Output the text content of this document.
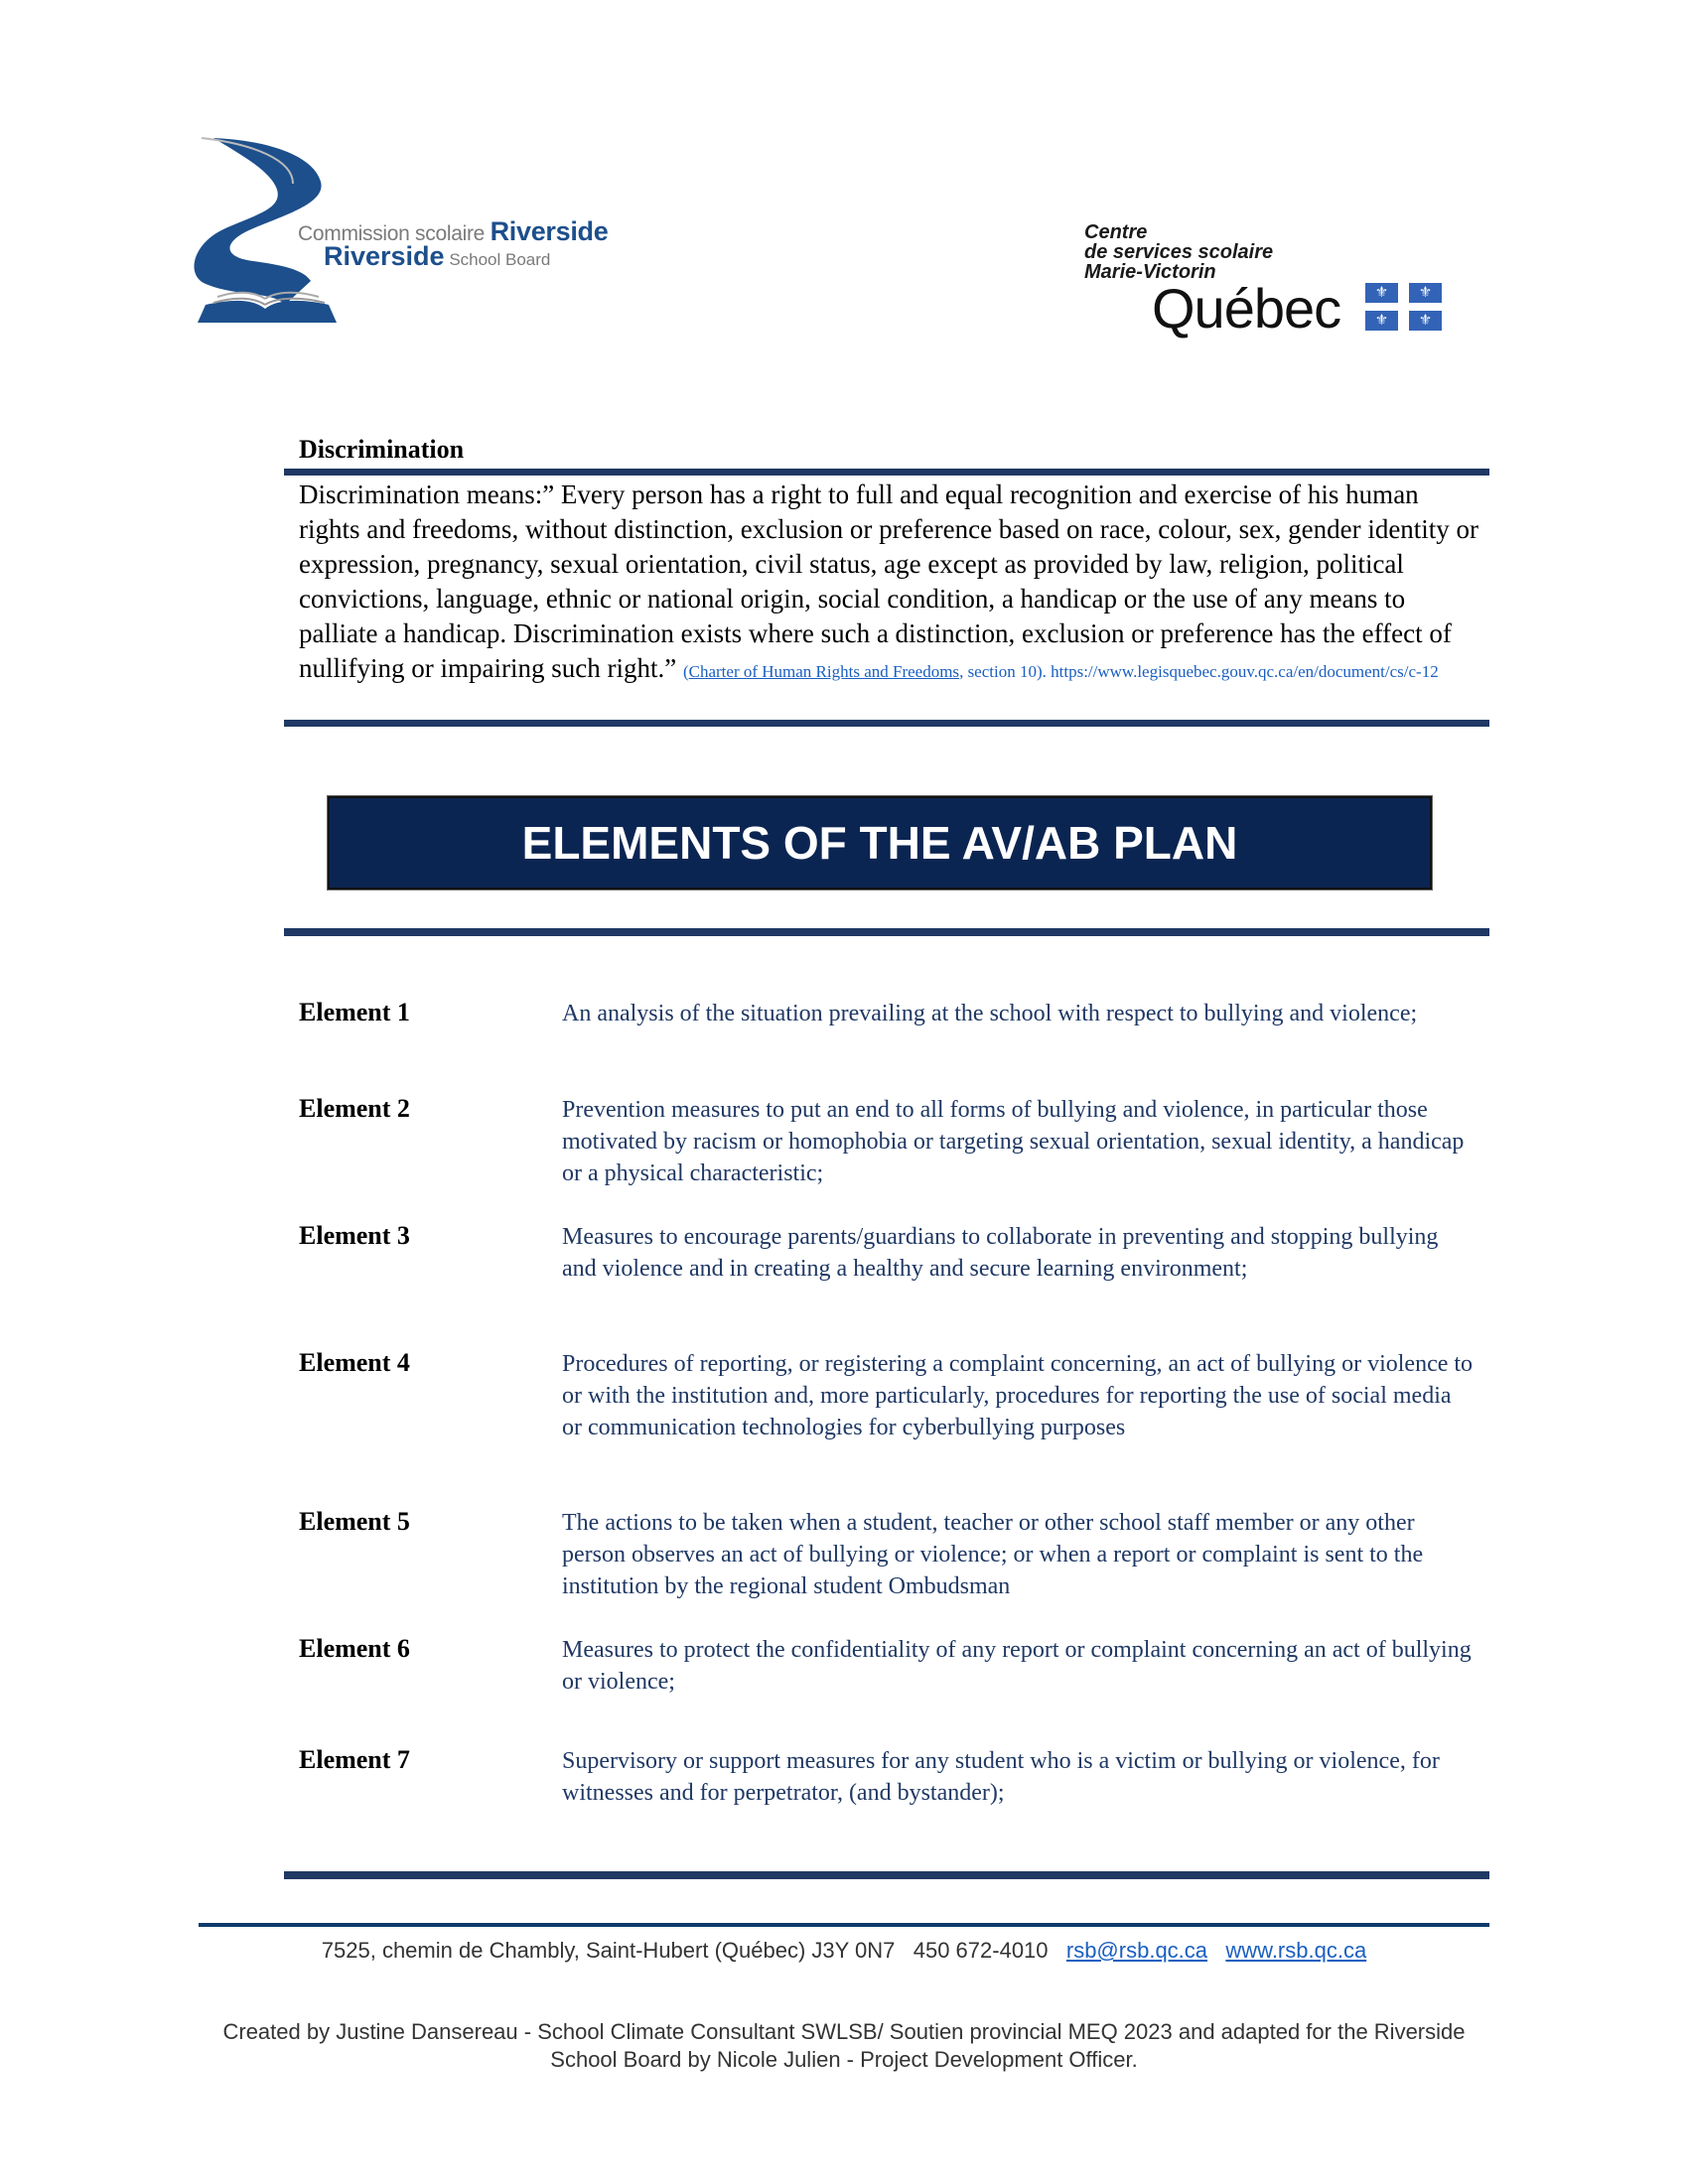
Commission scolaire Riverside
Riverside School Board
Centre
de services scolaire
Marie-Victorin
Québec	⚜	⚜
⚜	⚜
Discrimination
Discrimination means:” Every person has a right to full and equal recognition and exercise of his human rights and freedoms, without distinction, exclusion or preference based on race, colour, sex, gender identity or expression, pregnancy, sexual orientation, civil status, age except as provided by law, religion, political convictions, language, ethnic or national origin, social condition, a handicap or the use of any means to palliate a handicap. Discrimination exists where such a distinction, exclusion or preference has the effect of nullifying or impairing such right.” (Charter of Human Rights and Freedoms, section 10). https://www.legisquebec.gouv.qc.ca/en/document/cs/c-12
ELEMENTS OF THE AV/AB PLAN
Element 1	An analysis of the situation prevailing at the school with respect to bullying and violence;
Element 2	Prevention measures to put an end to all forms of bullying and violence, in particular those motivated by racism or homophobia or targeting sexual orientation, sexual identity, a handicap or a physical characteristic;
Element 3	Measures to encourage parents/guardians to collaborate in preventing and stopping bullying and violence and in creating a healthy and secure learning environment;
Element 4	Procedures of reporting, or registering a complaint concerning, an act of bullying or violence to or with the institution and, more particularly, procedures for reporting the use of social media or communication technologies for cyberbullying purposes
Element 5	The actions to be taken when a student, teacher or other school staff member or any other person observes an act of bullying or violence; or when a report or complaint is sent to the institution by the regional student Ombudsman
Element 6	Measures to protect the confidentiality of any report or complaint concerning an act of bullying or violence;
Element 7	Supervisory or support measures for any student who is a victim or bullying or violence, for witnesses and for perpetrator, (and bystander);
7525, chemin de Chambly, Saint-Hubert (Québec) J3Y 0N7 450 672-4010 rsb@rsb.qc.ca www.rsb.qc.ca
Created by Justine Dansereau - School Climate Consultant SWLSB/ Soutien provincial MEQ 2023 and adapted for the Riverside School Board by Nicole Julien - Project Development Officer.
